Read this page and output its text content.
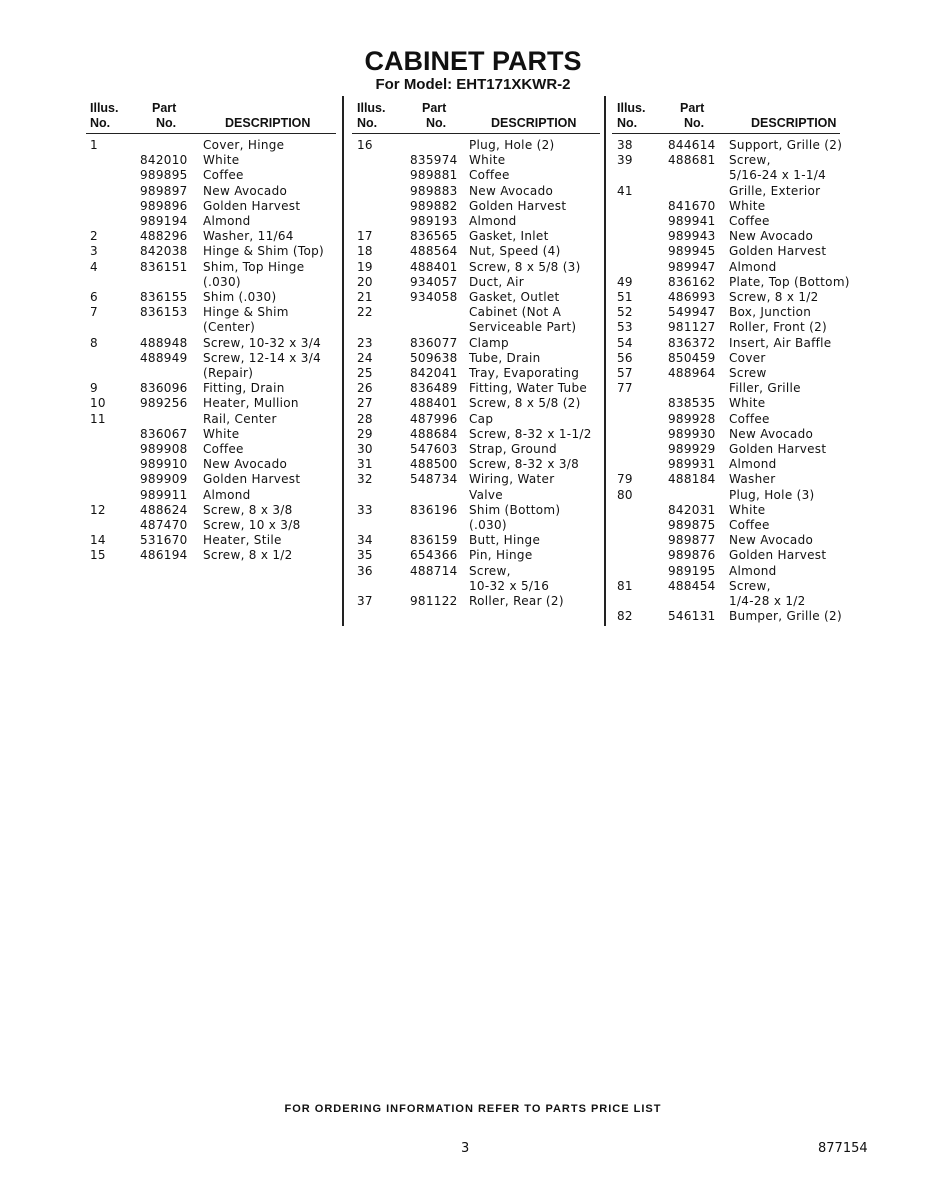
CABINET PARTS
For Model: EHT171XKWR-2
Illus.
No.
Part
No.	DESCRIPTION
1	Cover, Hinge
842010 White
989895 Coffee
989897 New Avocado
989896 Golden Harvest
989194 Almond
2	488296 Washer, 11/64
3	842038 Hinge & Shim (Top)
4	836151 Shim, Top Hinge
(.030)
6	836155 Shim (.030)
7	836153 Hinge & Shim
(Center)
8	488948 Screw, 10-32 x 3/4
488949 Screw, 12-14 x 3/4
(Repair)
9	836096 Fitting, Drain
10	989256 Heater, Mullion
11	Rail, Center
836067 White
989908 Coffee
989910 New Avocado
989909 Golden Harvest
989911 Almond
12	488624 Screw, 8 x 3/8
487470 Screw, 10 x 3/8
14	531670 Heater, Stile
15	486194 Screw, 8 x 1/2
Illus.
No.
Part
No.	DESCRIPTION
16	Plug, Hole (2)
835974 White
989881 Coffee
989883 New Avocado
989882 Golden Harvest
989193 Almond
17	836565 Gasket, Inlet
18	488564 Nut, Speed (4)
19	488401 Screw, 8 x 5/8 (3)
20	934057 Duct, Air
21	934058 Gasket, Outlet
22	Cabinet (Not A
Serviceable Part)
23	836077 Clamp
24	509638 Tube, Drain
25	842041 Tray, Evaporating
26	836489 Fitting, Water Tube
27	488401 Screw, 8 x 5/8 (2)
28	487996 Cap
29	488684 Screw, 8-32 x 1-1/2
30	547603 Strap, Ground
31	488500 Screw, 8-32 x 3/8
32	548734 Wiring, Water
Valve
33	836196 Shim (Bottom)
(.030)
34	836159 Butt, Hinge
35	654366 Pin, Hinge
36	488714 Screw,
10-32 x 5/16
37	981122 Roller, Rear (2)
Illus.
No.
Part
No.	DESCRIPTION
38	844614 Support, Grille (2)
39	488681 Screw,
5/16-24 x 1-1/4
41	Grille, Exterior
841670 White
989941 Coffee
989943 New Avocado
989945 Golden Harvest
989947 Almond
49	836162 Plate, Top (Bottom)
51	486993 Screw, 8 x 1/2
52	549947 Box, Junction
53	981127 Roller, Front (2)
54	836372 Insert, Air Baffle
56	850459 Cover
57	488964 Screw
77	Filler, Grille
838535 White
989928 Coffee
989930 New Avocado
989929 Golden Harvest
989931 Almond
79	488184 Washer
80	Plug, Hole (3)
842031 White
989875 Coffee
989877 New Avocado
989876 Golden Harvest
989195 Almond
81	488454 Screw,
1/4-28 x 1/2
82	546131 Bumper, Grille (2)
FOR ORDERING INFORMATION REFER TO PARTS PRICE LIST
3	877154
